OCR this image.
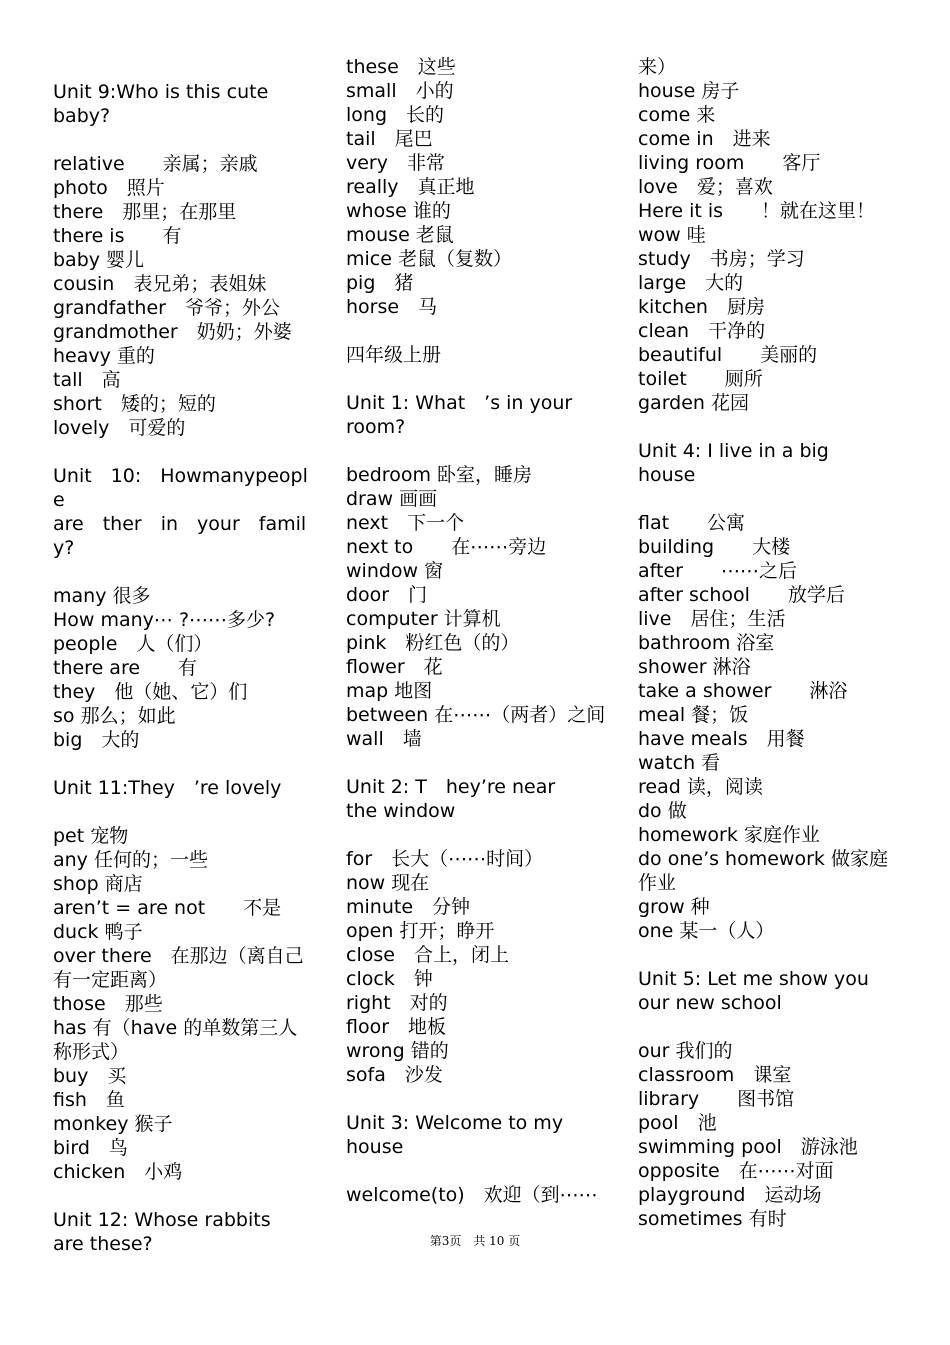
Unit 9:Who is this cute
baby?
relative　　亲属；亲戚
photo　照片
there　那里；在那里
there is　　有
baby 婴儿
cousin　表兄弟；表姐妹
grandfather　爷爷；外公
grandmother　奶奶；外婆
heavy 重的
tall　高
short　矮的；短的
lovely　可爱的
Unit　10:　Howmanypeople
are　ther　in　your　family?
many 很多
How many⋯ ?⋯⋯多少?
people　人（们）
there are　　有
they　他（她、它）们
so 那么；如此
big　大的
Unit 11:They　’re lovely
pet 宠物
any 任何的；一些
shop 商店
aren’t = are not　　不是
duck 鸭子
over there　在那边（离自己有一定距离）
those　那些
has 有（have 的单数第三人称形式）
buy　买
fish　鱼
monkey 猴子
bird　鸟
chicken　小鸡
Unit 12: Whose rabbits
are these?
these　这些
small　小的
long　长的
tail　尾巴
very　非常
really　真正地
whose 谁的
mouse 老鼠
mice 老鼠（复数）
pig　猪
horse　马
四年级上册
Unit 1: What　’s in your
room?
bedroom 卧室，睡房
draw 画画
next　下一个
next to　　在⋯⋯旁边
window 窗
door　门
computer 计算机
pink　粉红色（的）
flower　花
map 地图
between 在⋯⋯（两者）之间
wall　墙
Unit 2: T　hey’re near
the window
for　长大（⋯⋯时间）
now 现在
minute　分钟
open 打开；睁开
close　合上，闭上
clock　钟
right　对的
floor　地板
wrong 错的
sofa　沙发
Unit 3: Welcome to my
house
welcome(to)　欢迎（到⋯⋯
来）
house 房子
come 来
come in　进来
living room　　客厅
love　爱；喜欢
Here it is　　！就在这里！
wow 哇
study　书房；学习
large　大的
kitchen　厨房
clean　干净的
beautiful　　美丽的
toilet　　厕所
garden 花园
Unit 4: I live in a big
house
flat　　公寓
building　　大楼
after　　⋯⋯之后
after school　　放学后
live　居住；生活
bathroom 浴室
shower 淋浴
take a shower　　淋浴
meal 餐；饭
have meals　用餐
watch 看
read 读，阅读
do 做
homework 家庭作业
do one’s homework 做家庭作业
grow 种
one 某一（人）
Unit 5: Let me show you
our new school
our 我们的
classroom　课室
library　　图书馆
pool　池
swimming pool　游泳池
opposite　在⋯⋯对面
playground　运动场
sometimes 有时
第3页　共 10 页
